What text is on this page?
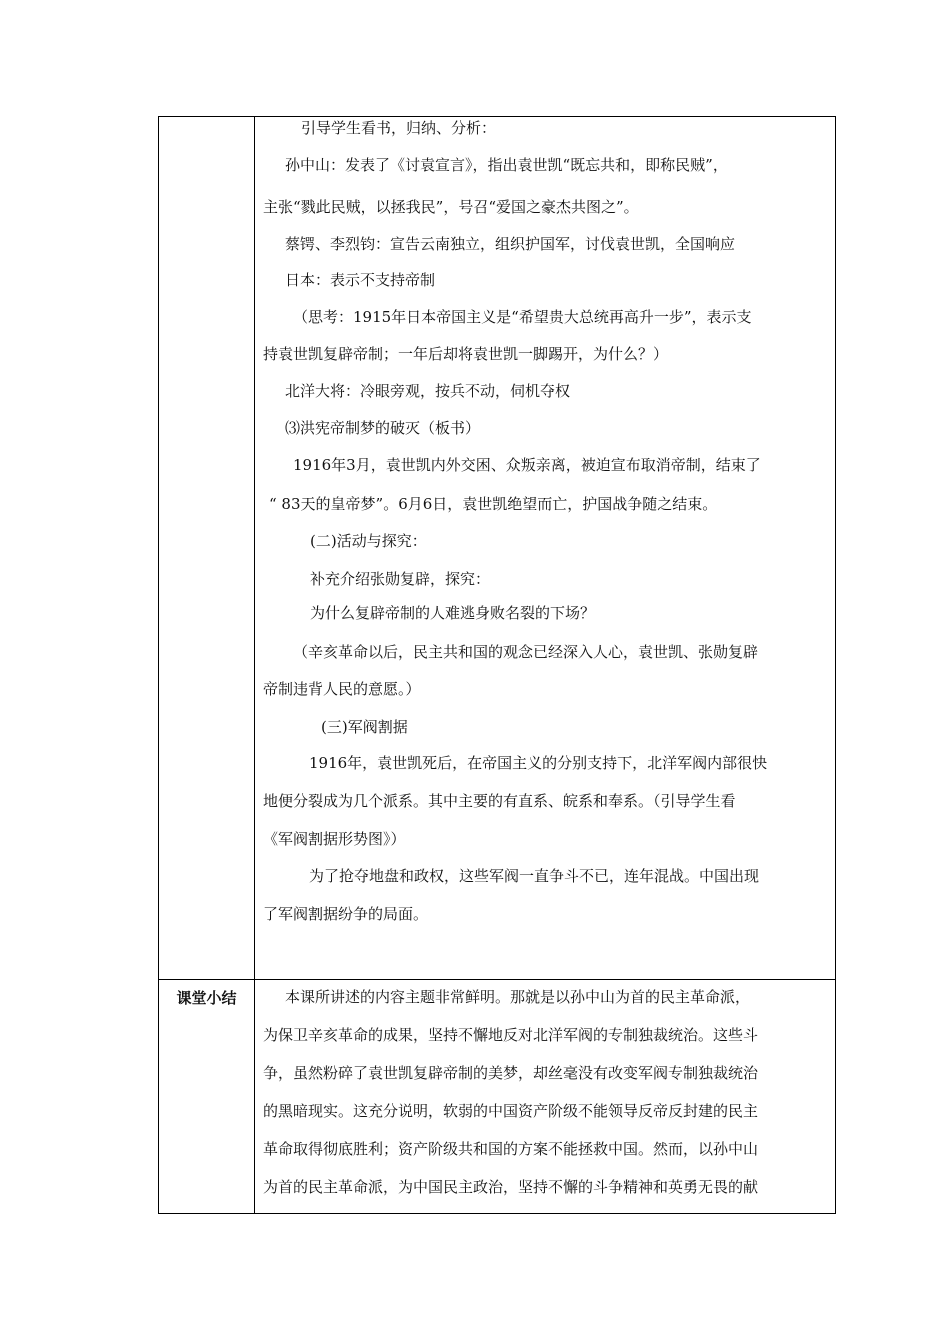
引导学生看书，归纳、分析：
孙中山：发表了《讨袁宣言》，指出袁世凯“既忘共和，即称民贼”，
主张“戮此民贼，以拯我民”，号召“爱国之豪杰共图之”。
蔡锷、李烈钧：宣告云南独立，组织护国军，讨伐袁世凯，全国响应
日本：表示不支持帝制
（思考：1915年日本帝国主义是“希望贵大总统再高升一步”，表示支
持袁世凯复辟帝制；一年后却将袁世凯一脚踢开，为什么？）
北洋大将：冷眼旁观，按兵不动，伺机夺权
⑶洪宪帝制梦的破灭（板书）
1916年3月，袁世凯内外交困、众叛亲离，被迫宣布取消帝制，结束了
“ 83天的皇帝梦”。6月6日，袁世凯绝望而亡，护国战争随之结束。
(二)活动与探究：
补充介绍张勋复辟，探究：
为什么复辟帝制的人难逃身败名裂的下场？
（辛亥革命以后，民主共和国的观念已经深入人心，袁世凯、张勋复辟
帝制违背人民的意愿。）
(三)军阀割据
1916年，袁世凯死后，在帝国主义的分别支持下，北洋军阀内部很快
地便分裂成为几个派系。其中主要的有直系、皖系和奉系。（引导学生看
《军阀割据形势图》）
为了抢夺地盘和政权，这些军阀一直争斗不已，连年混战。中国出现
了军阀割据纷争的局面。
课堂小结	本课所讲述的内容主题非常鲜明。那就是以孙中山为首的民主革命派，
为保卫辛亥革命的成果，坚持不懈地反对北洋军阀的专制独裁统治。这些斗
争，虽然粉碎了袁世凯复辟帝制的美梦，却丝毫没有改变军阀专制独裁统治
的黑暗现实。这充分说明，软弱的中国资产阶级不能领导反帝反封建的民主
革命取得彻底胜利；资产阶级共和国的方案不能拯救中国。然而，以孙中山
为首的民主革命派，为中国民主政治，坚持不懈的斗争精神和英勇无畏的献
